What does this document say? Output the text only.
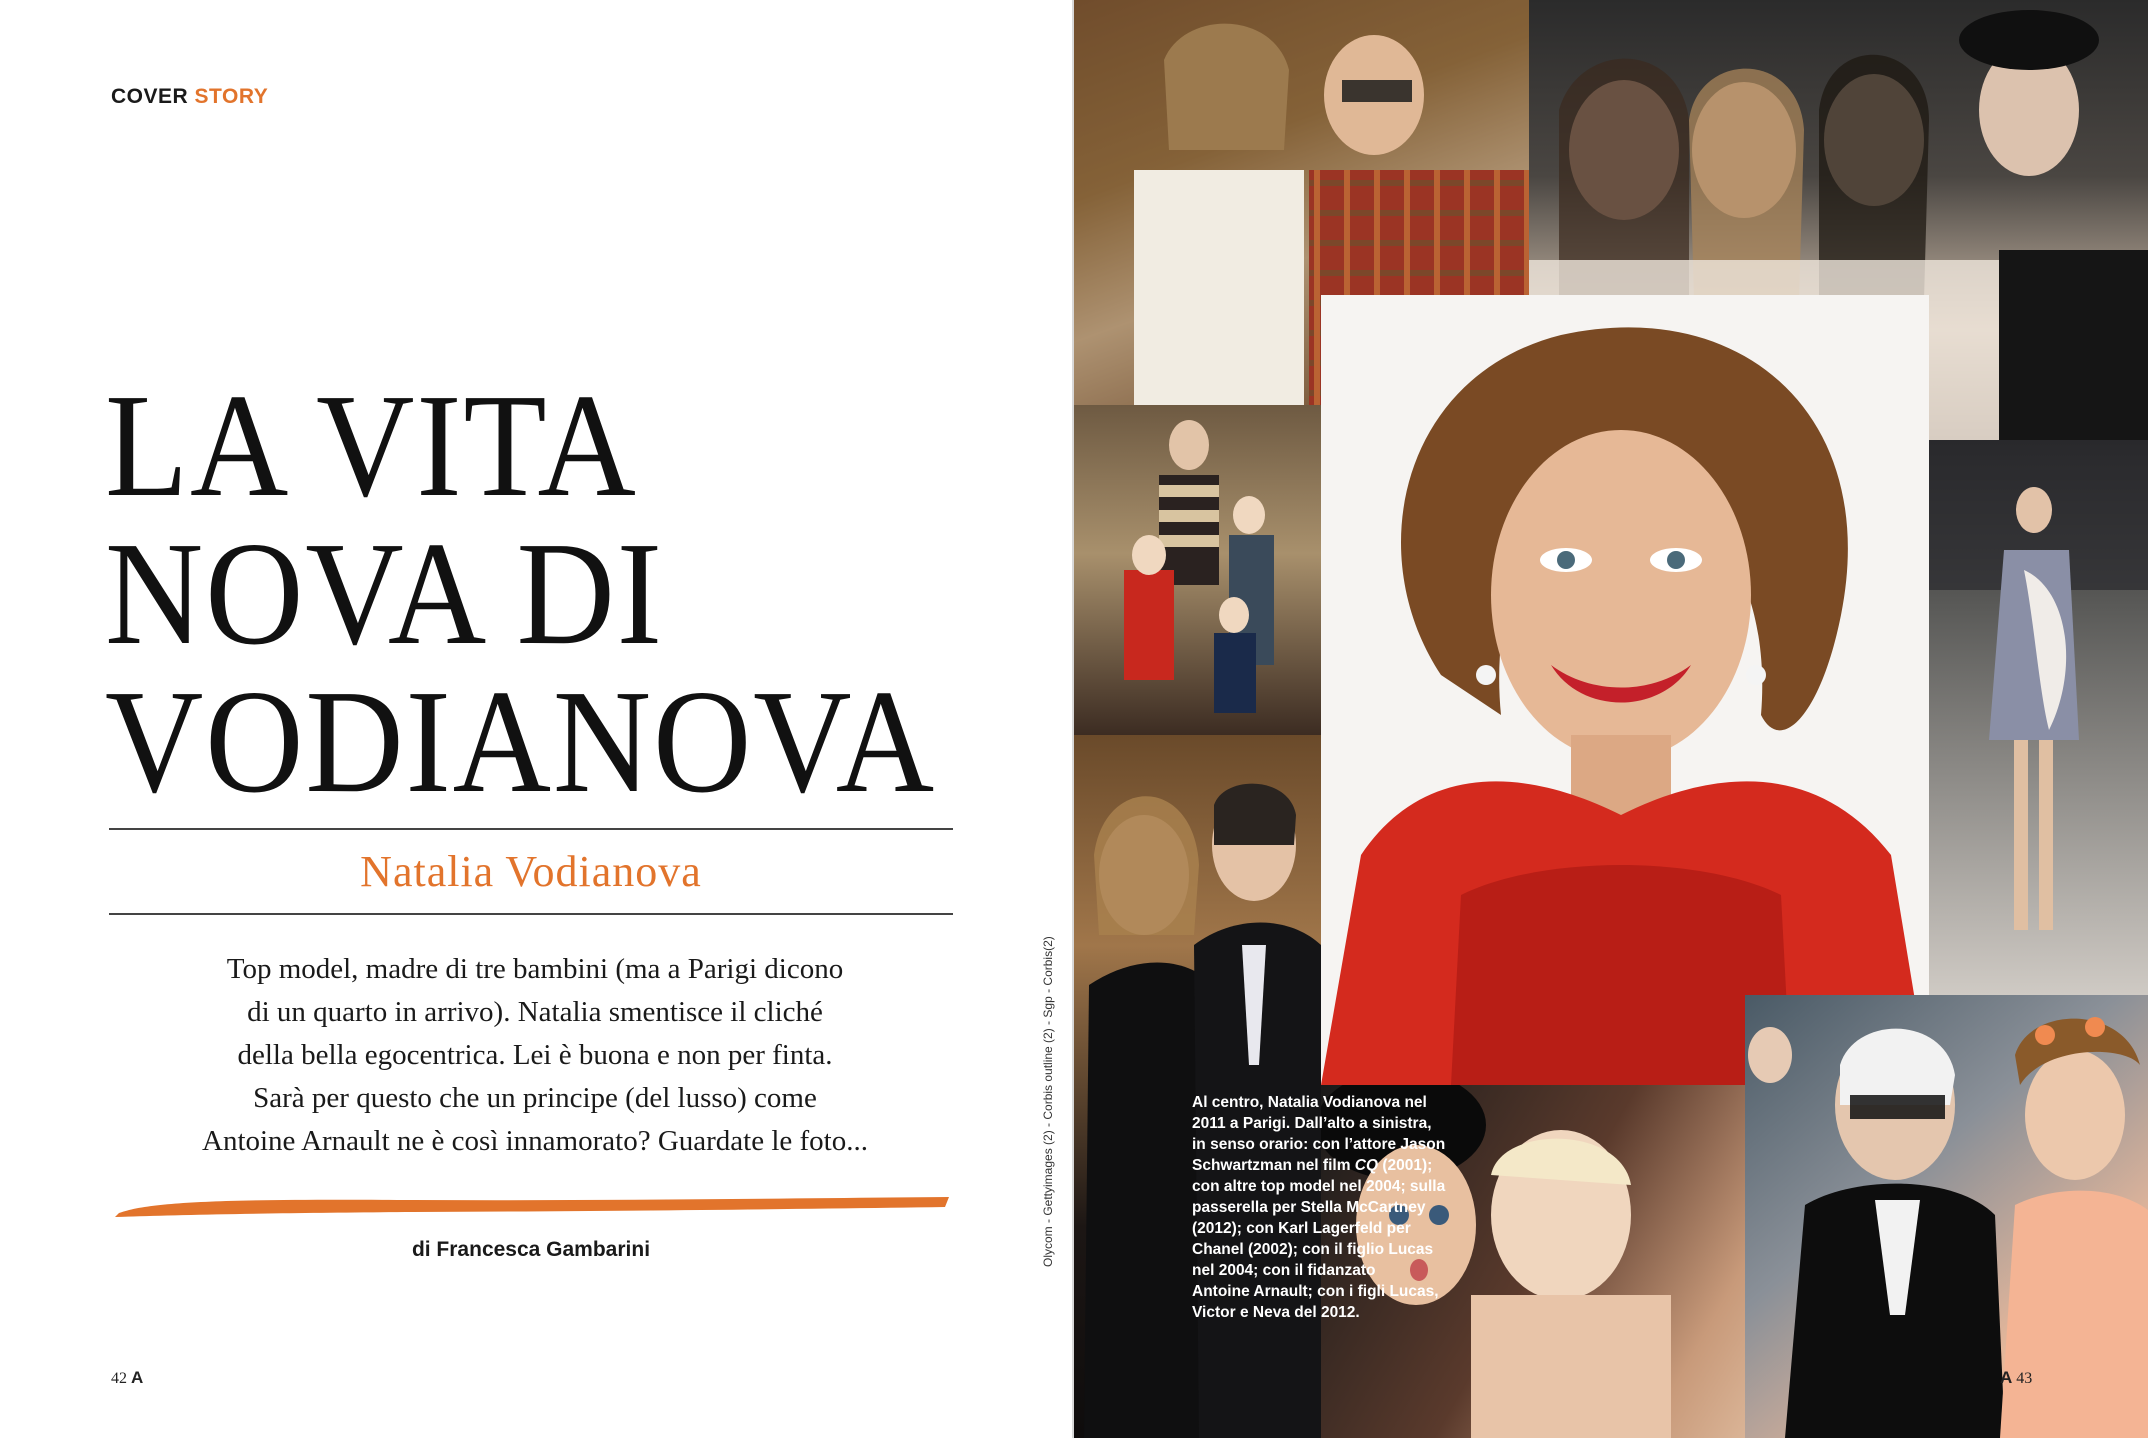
COVER STORY
LA VITA
NOVA DI
VODIANOVA
Natalia Vodianova
Top model, madre di tre bambini (ma a Parigi dicono
di un quarto in arrivo). Natalia smentisce il cliché
della bella egocentrica. Lei è buona e non per finta.
Sarà per questo che un principe (del lusso) come
Antoine Arnault ne è così innamorato? Guardate le foto...
di Francesca Gambarini
42 A
Olycom - Gettyimages (2) - Corbis outline (2) - Sgp - Corbis(2)	Al centro, Natalia Vodianova nel
2011 a Parigi. Dall’alto a sinistra,
in senso orario: con l’attore Jason
Schwartzman nel film CQ (2001);
con altre top model nel 2004; sulla
passerella per Stella McCartney
(2012); con Karl Lagerfeld per
Chanel (2002); con il figlio Lucas
nel 2004; con il fidanzato
Antoine Arnault; con i figli Lucas,
Victor e Neva del 2012.
A 43
